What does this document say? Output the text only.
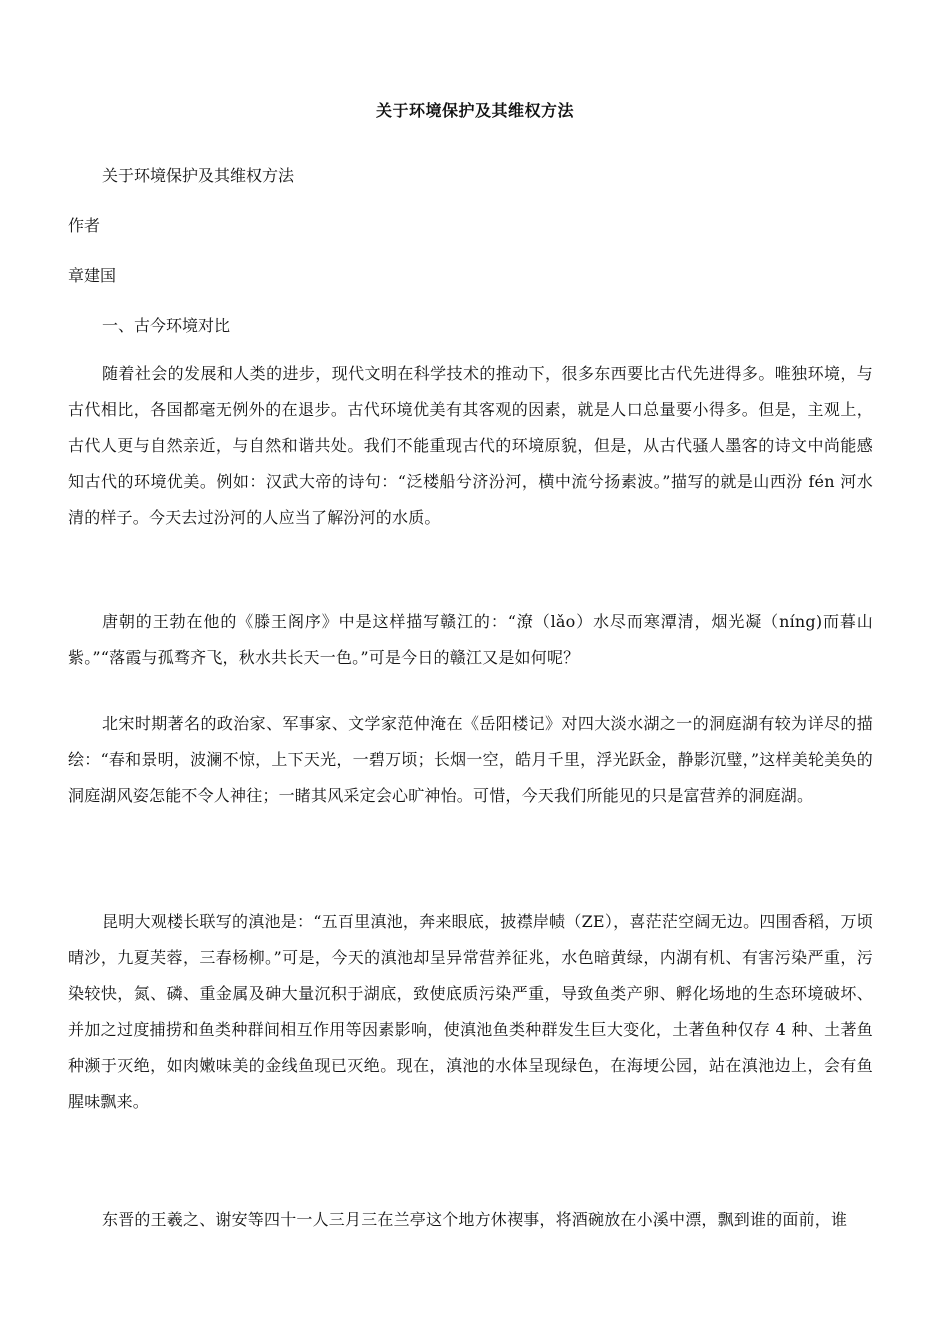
关于环境保护及其维权方法
关于环境保护及其维权方法
作者
章建国
一、古今环境对比
随着社会的发展和人类的进步，现代文明在科学技术的推动下，很多东西要比古代先进得多。唯独环境，与古代相比，各国都毫无例外的在退步。古代环境优美有其客观的因素，就是人口总量要小得多。但是，主观上，古代人更与自然亲近，与自然和谐共处。我们不能重现古代的环境原貌，但是，从古代骚人墨客的诗文中尚能感知古代的环境优美。例如：汉武大帝的诗句：“泛楼船兮济汾河，横中流兮扬素波。”描写的就是山西汾 fén 河水清的样子。今天去过汾河的人应当了解汾河的水质。
唐朝的王勃在他的《滕王阁序》中是这样描写赣江的：“潦（lǎo）水尽而寒潭清，烟光凝（níng)而暮山紫。”“落霞与孤骛齐飞，秋水共长天一色。”可是今日的赣江又是如何呢？
北宋时期著名的政治家、军事家、文学家范仲淹在《岳阳楼记》对四大淡水湖之一的洞庭湖有较为详尽的描绘：“春和景明，波澜不惊，上下天光，一碧万顷；长烟一空，皓月千里，浮光跃金，静影沉璧，”这样美轮美奂的洞庭湖风姿怎能不令人神往；一睹其风采定会心旷神怡。可惜，今天我们所能见的只是富营养的洞庭湖。
昆明大观楼长联写的滇池是：“五百里滇池，奔来眼底，披襟岸帻（ZE），喜茫茫空阔无边。四围香稻，万顷晴沙，九夏芙蓉，三春杨柳。”可是，今天的滇池却呈异常营养征兆，水色暗黄绿，内湖有机、有害污染严重，污染较快，氮、磷、重金属及砷大量沉积于湖底，致使底质污染严重，导致鱼类产卵、孵化场地的生态环境破坏、并加之过度捕捞和鱼类种群间相互作用等因素影响，使滇池鱼类种群发生巨大变化，土著鱼种仅存 4 种、土著鱼种濒于灭绝，如肉嫩味美的金线鱼现已灭绝。现在，滇池的水体呈现绿色，在海埂公园，站在滇池边上，会有鱼腥味飘来。
东晋的王羲之、谢安等四十一人三月三在兰亭这个地方休禊事，将酒碗放在小溪中漂，飘到谁的面前，谁
